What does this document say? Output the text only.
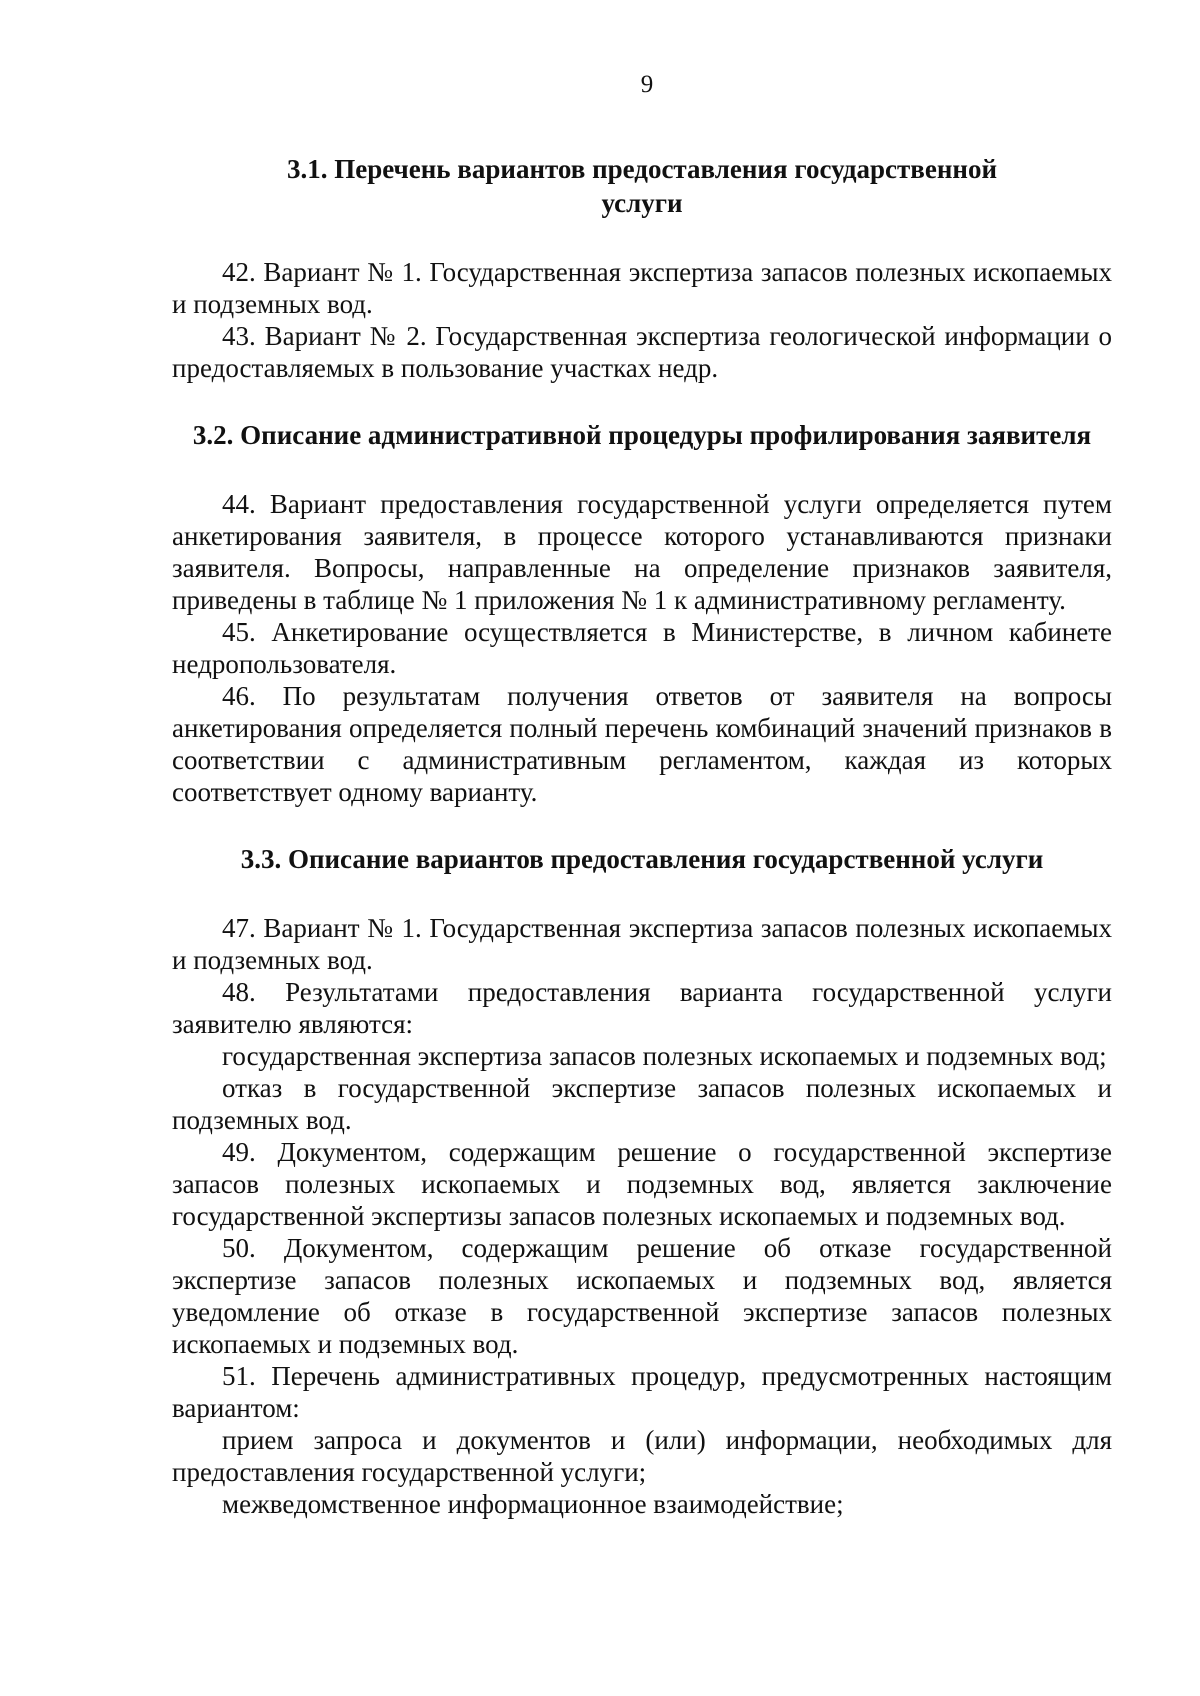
9
3.1. Перечень вариантов предоставления государственной
услуги

42. Вариант № 1. Государственная экспертиза запасов полезных ископаемых и подземных вод.

43. Вариант № 2. Государственная экспертиза геологической информации о предоставляемых в пользование участках недр.

3.2. Описание административной процедуры профилирования заявителя

44. Вариант предоставления государственной услуги определяется путем анкетирования заявителя, в процессе которого устанавливаются признаки заявителя. Вопросы, направленные на определение признаков заявителя, приведены в таблице № 1 приложения № 1 к административному регламенту.

45. Анкетирование осуществляется в Министерстве, в личном кабинете недропользователя.

46. По результатам получения ответов от заявителя на вопросы анкетирования определяется полный перечень комбинаций значений признаков в соответствии с административным регламентом, каждая из которых соответствует одному варианту.

3.3. Описание вариантов предоставления государственной услуги

47. Вариант № 1. Государственная экспертиза запасов полезных ископаемых и подземных вод.

48. Результатами предоставления варианта государственной услуги заявителю являются:

государственная экспертиза запасов полезных ископаемых и подземных вод;

отказ в государственной экспертизе запасов полезных ископаемых и подземных вод.

49. Документом, содержащим решение о государственной экспертизе запасов полезных ископаемых и подземных вод, является заключение государственной экспертизы запасов полезных ископаемых и подземных вод.

50. Документом, содержащим решение об отказе государственной экспертизе запасов полезных ископаемых и подземных вод, является уведомление об отказе в государственной экспертизе запасов полезных ископаемых и подземных вод.

51. Перечень административных процедур, предусмотренных настоящим вариантом:

прием запроса и документов и (или) информации, необходимых для предоставления государственной услуги;

межведомственное информационное взаимодействие;
